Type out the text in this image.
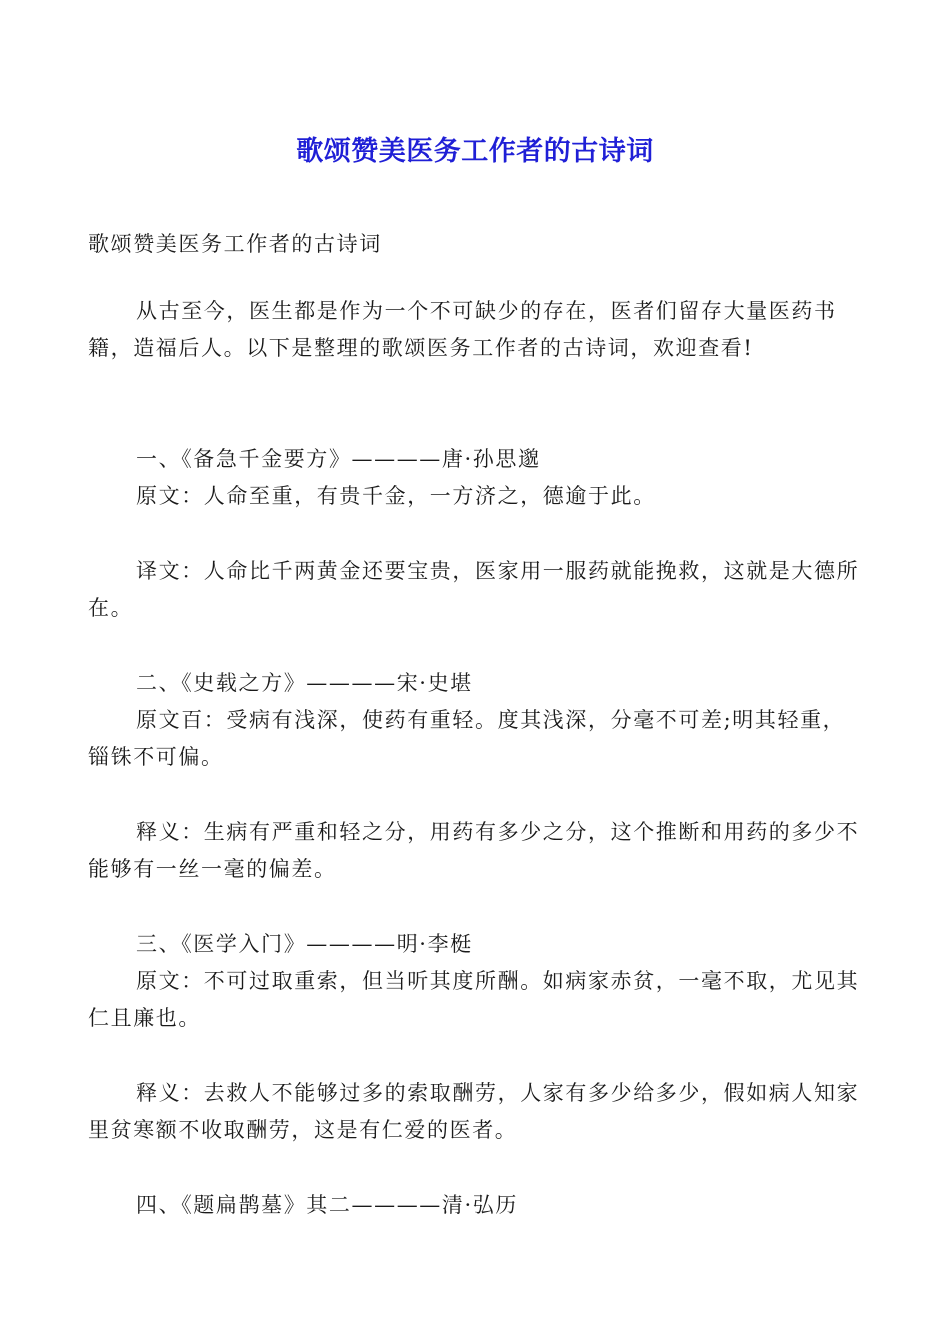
歌颂赞美医务工作者的古诗词

歌颂赞美医务工作者的古诗词

从古至今，医生都是作为一个不可缺少的存在，医者们留存大量医药书籍，造福后人。以下是整理的歌颂医务工作者的古诗词，欢迎查看!

一、《备急千金要方》————唐·孙思邈

原文：人命至重，有贵千金，一方济之，德逾于此。

译文：人命比千两黄金还要宝贵，医家用一服药就能挽救，这就是大德所在。

二、《史载之方》————宋·史堪

原文百：受病有浅深，使药有重轻。度其浅深，分毫不可差;明其轻重，锱铢不可偏。

释义：生病有严重和轻之分，用药有多少之分，这个推断和用药的多少不能够有一丝一毫的偏差。

三、《医学入门》————明·李梃

原文：不可过取重索，但当听其度所酬。如病家赤贫，一毫不取，尤见其仁且廉也。

释义：去救人不能够过多的索取酬劳，人家有多少给多少，假如病人知家里贫寒额不收取酬劳，这是有仁爱的医者。

四、《题扁鹊墓》其二————清·弘历
